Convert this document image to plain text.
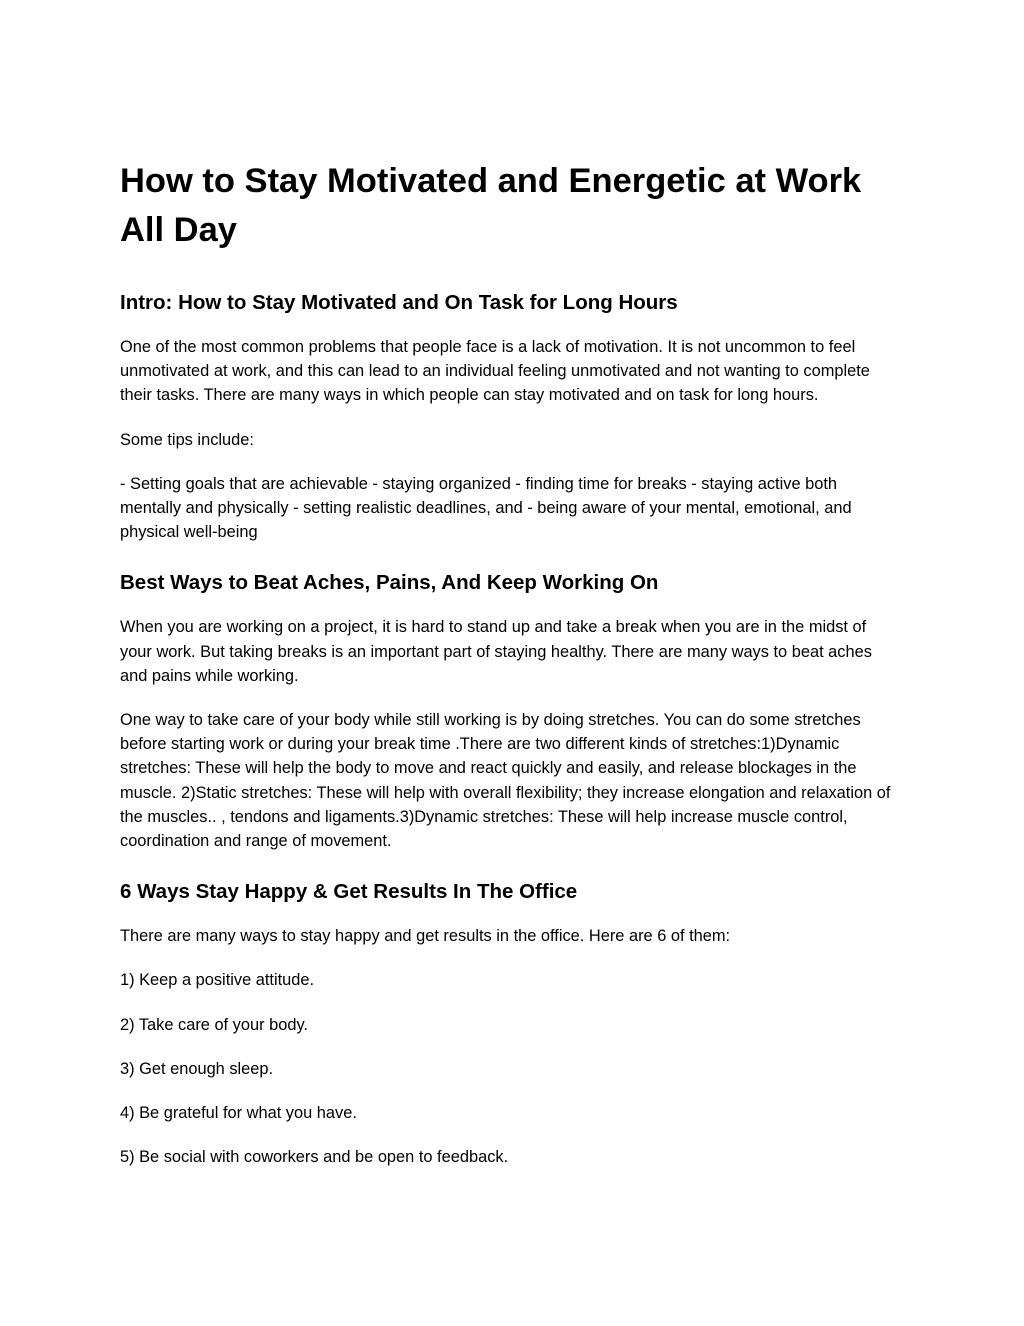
How to Stay Motivated and Energetic at Work All Day
Intro: How to Stay Motivated and On Task for Long Hours

One of the most common problems that people face is a lack of motivation. It is not uncommon to feel unmotivated at work, and this can lead to an individual feeling unmotivated and not wanting to complete their tasks. There are many ways in which people can stay motivated and on task for long hours.

Some tips include:

- Setting goals that are achievable - staying organized - finding time for breaks - staying active both mentally and physically - setting realistic deadlines, and - being aware of your mental, emotional, and physical well-being

Best Ways to Beat Aches, Pains, And Keep Working On

When you are working on a project, it is hard to stand up and take a break when you are in the midst of your work. But taking breaks is an important part of staying healthy. There are many ways to beat aches and pains while working.

One way to take care of your body while still working is by doing stretches. You can do some stretches before starting work or during your break time .There are two different kinds of stretches:1)Dynamic stretches: These will help the body to move and react quickly and easily, and release blockages in the muscle. 2)Static stretches: These will help with overall flexibility; they increase elongation and relaxation of the muscles.. , tendons and ligaments.3)Dynamic stretches: These will help increase muscle control, coordination and range of movement.

6 Ways Stay Happy & Get Results In The Office

There are many ways to stay happy and get results in the office. Here are 6 of them:

1) Keep a positive attitude.

2) Take care of your body.

3) Get enough sleep.

4) Be grateful for what you have.

5) Be social with coworkers and be open to feedback.
